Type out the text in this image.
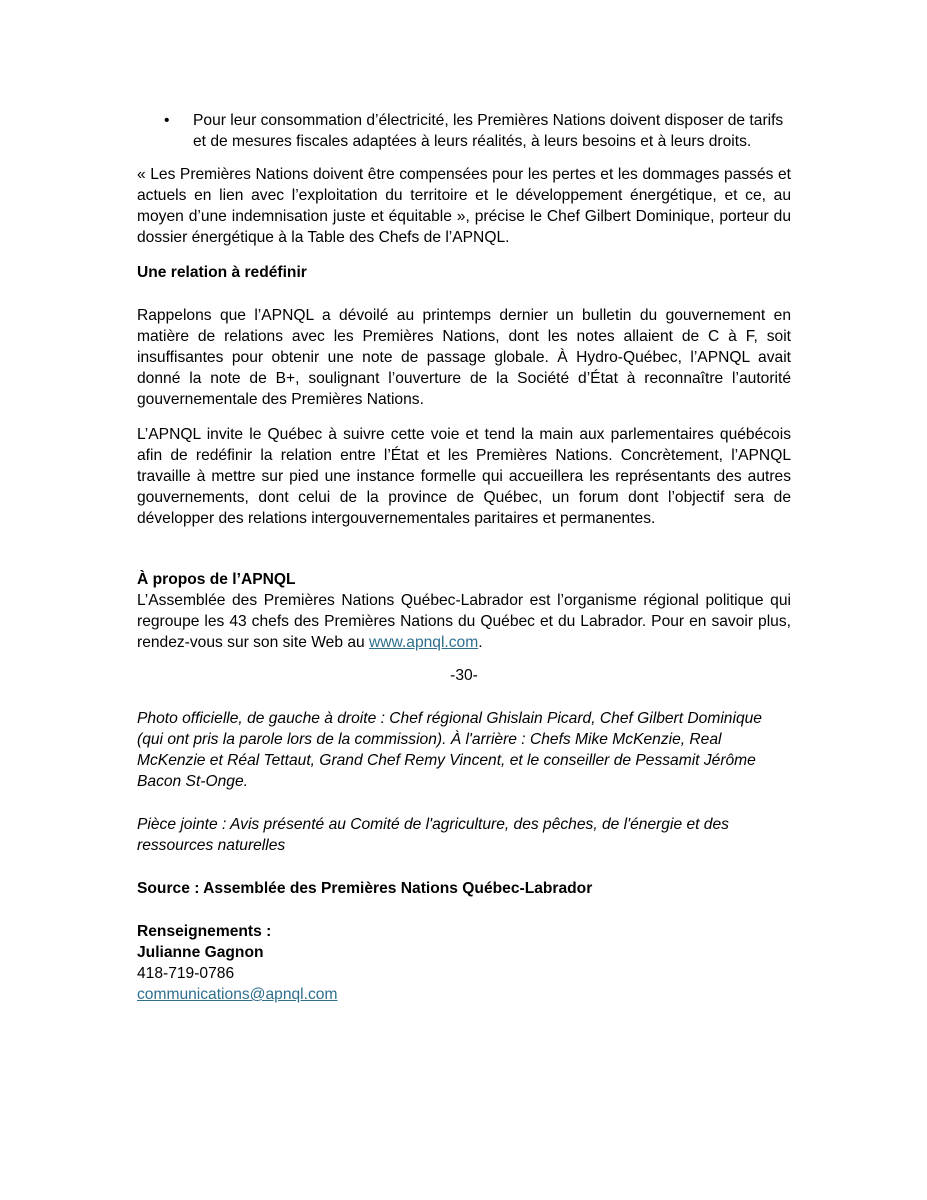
•	Pour leur consommation d’électricité, les Premières Nations doivent disposer de tarifs et de mesures fiscales adaptées à leurs réalités, à leurs besoins et à leurs droits.

« Les Premières Nations doivent être compensées pour les pertes et les dommages passés et actuels en lien avec l’exploitation du territoire et le développement énergétique, et ce, au moyen d’une indemnisation juste et équitable », précise le Chef Gilbert Dominique, porteur du dossier énergétique à la Table des Chefs de l’APNQL.

Une relation à redéfinir

Rappelons que l’APNQL a dévoilé au printemps dernier un bulletin du gouvernement en matière de relations avec les Premières Nations, dont les notes allaient de C à F, soit insuffisantes pour obtenir une note de passage globale. À Hydro-Québec, l’APNQL avait donné la note de B+, soulignant l’ouverture de la Société d’État à reconnaître l’autorité gouvernementale des Premières Nations.

L’APNQL invite le Québec à suivre cette voie et tend la main aux parlementaires québécois afin de redéfinir la relation entre l’État et les Premières Nations. Concrètement, l’APNQL travaille à mettre sur pied une instance formelle qui accueillera les représentants des autres gouvernements, dont celui de la province de Québec, un forum dont l’objectif sera de développer des relations intergouvernementales paritaires et permanentes.

À propos de l’APNQL

L’Assemblée des Premières Nations Québec-Labrador est l’organisme régional politique qui regroupe les 43 chefs des Premières Nations du Québec et du Labrador. Pour en savoir plus, rendez-vous sur son site Web au www.apnql.com.

-30-

Photo officielle, de gauche à droite : Chef régional Ghislain Picard, Chef Gilbert Dominique (qui ont pris la parole lors de la commission). À l'arrière : Chefs Mike McKenzie, Real McKenzie et Réal Tettaut, Grand Chef Remy Vincent, et le conseiller de Pessamit Jérôme Bacon St-Onge.

Pièce jointe : Avis présenté au Comité de l'agriculture, des pêches, de l'énergie et des ressources naturelles

Source : Assemblée des Premières Nations Québec-Labrador

Renseignements :

Julianne Gagnon

418-719-0786

communications@apnql.com
